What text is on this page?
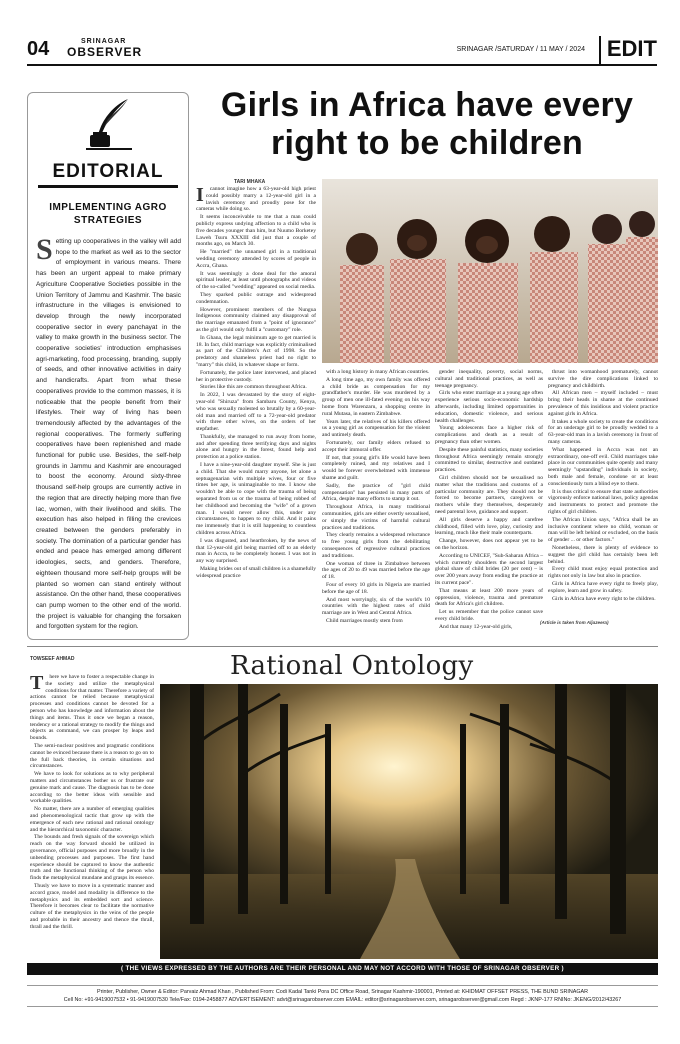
04	SRINAGAR
OBSERVER	SRINAGAR /SATURDAY / 11 MAY / 2024 EDIT
EDITORIAL
IMPLEMENTING AGRO STRATEGIES
Setting up cooperatives in the valley will add hope to the market as well as to the sector of employment in various means. There has been an urgent appeal to make primary Agriculture Cooperative Societies possible in the Union Territory of Jammu and Kashmir. The basic infrastructure in the villages is envisioned to develop through the newly incorporated cooperative sector in every panchayat in the valley to make growth in the business sector. The cooperative societies' introduction emphasises agri-marketing, food processing, branding, supply of seeds, and other innovative activities in dairy and handicrafts. Apart from what these cooperatives provide to the common masses, it is noticeable that the people benefit from their lifestyles. Their way of living has been tremendously affected by the advantages of the regional cooperatives. The formerly suffering cooperatives have been replenished and made functional for public use. Besides, the self-help grounds in Jammu and Kashmir are encouraged to boost the economy. Around sixty-three thousand self-help groups are currently active in the region that are directly helping more than five lac, women, with their livelihood and skills. The execution has also helped in filling the crevices created between the genders preferably in society. The domination of a particular gender has ended and peace has emerged among different ideologies, sects, and genders. Therefore, eighteen thousand more self-help groups will be planted so women can stand entirely without assistance. On the other hand, these cooperatives can pump women to the other end of the world. the project is valuable for changing the forsaken and forgotten system for the region.
Girls in Africa have every right to be children
TARI MHAKA
I	cannot imagine how a 63-year-old high priest could possibly marry a 12-year-old girl in a lavish ceremony and proudly pose for the cameras while doing so.

It seems inconceivable to me that a man could publicly express undying affection to a child who is five decades younger than him, but Nuumo Borketey Laweh Tsuru XXXIII did just that a couple of months ago, on March 30.

He "married" the unnamed girl in a traditional wedding ceremony attended by scores of people in Accra, Ghana.

It was seemingly a done deal for the amoral spiritual leader, at least until photographs and videos of the so-called "wedding" appeared on social media.

They sparked public outrage and widespread condemnation.

However, prominent members of the Nungua Indigenous community claimed any disapproval of the marriage emanated from a "point of ignorance" as the girl would only fulfil a "customary" role.

In Ghana, the legal minimum age to get married is 18. In fact, child marriage was explicitly criminalised as part of the Children's Act of 1998. So the predatory and shameless priest had no right to "marry" this child, in whatever shape or form.

Fortunately, the police later intervened, and placed her in protective custody.

Stories like this are common throughout Africa.

In 2022, I was devastated by the story of eight-year-old "Shiruza" from Sambaru County, Kenya, who was sexually molested so brutally by a 60-year-old man and married off to a 72-year-old predator with three other wives, on the orders of her stepfather.

Thankfully, she managed to run away from home, and after spending three terrifying days and nights alone and hungry in the forest, found help and protection at a police station.

I have a nine-year-old daughter myself. She is just a child. That she would marry anyone, let alone a septuagenarian with multiple wives, four or five times her age, is unimaginable to me. I know she wouldn't be able to cope with the trauma of being separated from us or the trauma of being robbed of her childhood and becoming the "wife" of a grown man. I would never allow this, under any circumstances, to happen to my child. And it pains me immensely that it is still happening to countless children across Africa.

I was disgusted, and heartbroken, by the news of that 12-year-old girl being married off to an elderly man in Accra, to be completely honest. I was not in any way surprised.

Making brides out of small children is a shamefully widespread practice

with a long history in many African countries.

A long time ago, my own family was offered a child bride as compensation for my grandfather's murder. He was murdered by a group of men one ill-fated evening on his way home from Warenzaru, a shopping centre in rural Mutasa, in eastern Zimbabwe.

Years later, the relatives of his killers offered us a young girl as compensation for the violent and untimely death.

Fortunately, our family elders refused to accept their immoral offer.

If not, that young girl's life would have been completely ruined, and my relatives and I would be forever overwhelmed with immense shame and guilt.

Sadly, the practice of "girl child compensation" has persisted in many parts of Africa, despite many efforts to stamp it out.

Throughout Africa, in many traditional communities, girls are either overtly sexualised, or simply the victims of harmful cultural practices and traditions.

They clearly remains a widespread reluctance to free young girls from the debilitating consequences of regressive cultural practices and traditions.

One woman of three in Zimbabwe between the ages of 20 to 49 was married before the age of 18.

Four of every 10 girls in Nigeria are married before the age of 18.

And most worryingly, six of the world's 10 countries with the highest rates of child marriage are in West and Central Africa.

Child marriages mostly stem from

gender inequality, poverty, social norms, cultural and traditional practices, as well as teenage pregnancy.

Girls who enter marriage at a young age often experience serious socio-economic hardship afterwards, including limited opportunities in education, domestic violence, and serious health challenges.

Young adolescents face a higher risk of complications and death as a result of pregnancy than other women.

Despite these painful statistics, many societies throughout Africa seemingly remain strongly committed to similar, destructive and outdated practices.

Girl children should not be sexualised no matter what the traditions and customs of a particular community are. They should not be forced to become partners, caregivers or mothers while they themselves, desperately need parental love, guidance and support.

All girls deserve a happy and carefree childhood, filled with love, play, curiosity and learning, much like their male counterparts.

Change, however, does not appear yet to be on the horizon.

According to UNICEF, "Sub-Saharan Africa – which currently shoulders the second largest global share of child brides (20 per cent) – is over 200 years away from ending the practice at its current pace".

That means at least 200 more years of oppression, violence, trauma and premature death for Africa's girl children.

Let us remember that the police cannot save every child bride.

And that many 12-year-old girls,

thrust into womanhood prematurely, cannot survive the dire complications linked to pregnancy and childbirth.

All African men – myself included – must bring their heads in shame at the continued prevalence of this insidious and violent practice against girls in Africa.

It takes a whole society to create the conditions for an underage girl to be proudly wedded to a 63-year-old man in a lavish ceremony in front of many cameras.

What happened in Accra was not an extraordinary, one-off evil. Child marriages take place in our communities quite openly and many seemingly "upstanding" individuals in society, both male and female, condone or at least conscientiously turn a blind eye to them.

It is thus critical to ensure that state authorities vigorously enforce national laws, policy agendas and instruments to protect and promote the rights of girl children.

The African Union says, "Africa shall be an inclusive continent where no child, woman or man will be left behind or excluded, on the basis of gender ... or other factors."

Nonetheless, there is plenty of evidence to suggest the girl child has certainly been left behind.

Every child must enjoy equal protection and rights not only in law but also in practice.

Girls in Africa have every right to freely play, explore, learn and grow in safety.

Girls in Africa have every right to be children.

(Article is taken from Aljazeera)
Rational Ontology
TOWSEEF AHMAD
T	here we have to foster a respectable change in the society and utilize the metaphysical conditions for that matter. Therefore a variety of actions cannot be relied because metaphysical processes and conditions cannot be devoted for a person who has knowledge and information about the things and items. Thus it once we began a reason, tendency or a rational strategy to modify the things and objects as command, we can prosper by leaps and bounds.

The semi-nuclear positives and pragmatic conditions cannot be evinced because there is a reason to go on to the full back theories, in certain situations and circumstances.

We have to look for solutions as to why peripheral matters and circumstances bother us or frustrate our genuine mark and cause. The diagnosis has to be done according to the better ideas with sensible and workable qualities.

No matter, there are a number of emerging qualities and phenomenological tactic that grow up with the emergence of each new rational and rational ontology and the hierarchical taxonomic character.

The bounds and fresh signals of the sovereign which reach on the way forward should be utilized in governance, official purposes and more broadly in the unbending processes and purposes. The first hand experience should be captured to know the authentic truth and the functional thinking of the person who finds the metaphysical mundane and grasps its essence.

Thusly we have to move in a systematic manner and accord grace, model and modality in difference to the metaphysics and its embedded sort and science. Therefore it becomes clear to facilitate the normative culture of the metaphysics in the veins of the people and probable in their ancestry and thence the thrall, thrall and the thrill.

( THE VIEWS EXPRESSED BY THE AUTHORS ARE THEIR PERSONAL AND MAY NOT ACCORD WITH THOSE OF SRINAGAR OBSERVER )
Printer, Publisher, Owner & Editor: Parvaiz Ahmad Khan , Published From: Codi Kadal Tanki Pora DC Office Road, Srinagar Kashmir-190001, Printed at: KHIDMAT OFFSET PRESS, THE BUND SRINAGAR
Cell No: +91-9419007532 • 91-9419007530 Tele/Fax: 0194-2458877 ADVERTISEMENT: advt@srinagarobserver.com EMAIL: editor@srinagarobserver.com, srinagarobserver@gmail.com Regd : JKNP-177 RNINo: JKENG/2012/43267
